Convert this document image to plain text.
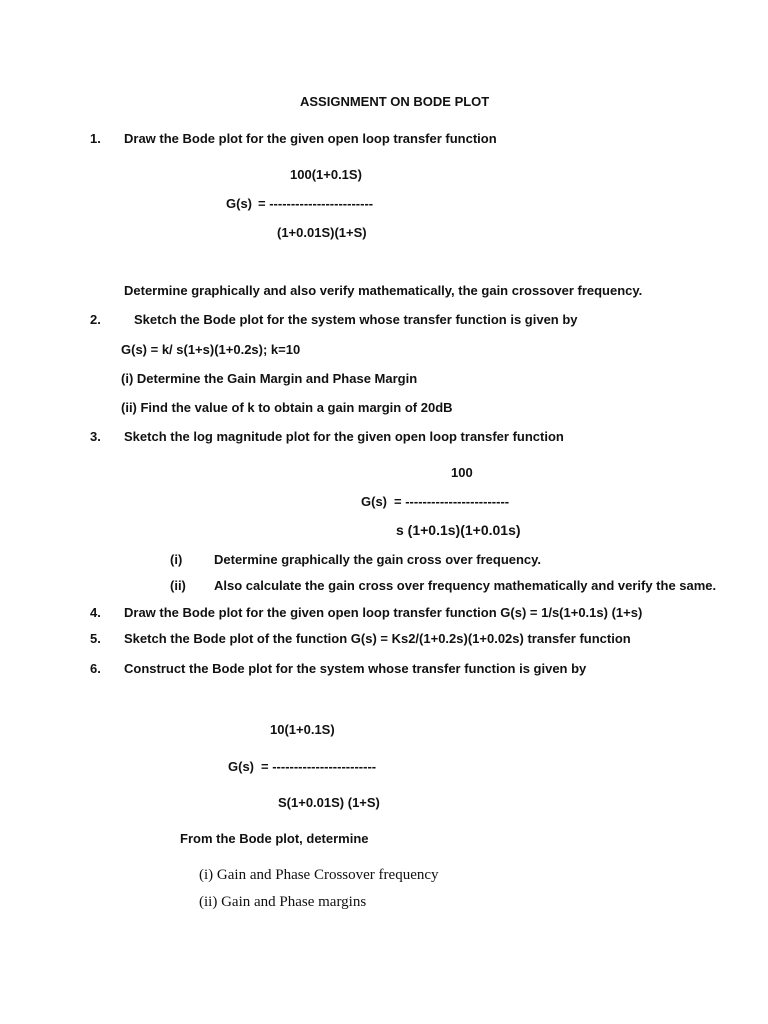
ASSIGNMENT ON BODE PLOT
1. Draw the Bode plot for the given open loop transfer function
100(1+0.1S)
G(s) = ------------------------
(1+0.01S)(1+S)
Determine graphically and also verify mathematically, the gain crossover frequency.
2.	Sketch the Bode plot for the system whose transfer function is given by
G(s) = k/ s(1+s)(1+0.2s); k=10
(i) Determine the Gain Margin and Phase Margin
(ii) Find the value of k to obtain a gain margin of 20dB
3. Sketch the log magnitude plot for the given open loop transfer function
100
G(s) = ------------------------
s (1+0.1s)(1+0.01s)
(i) Determine graphically the gain cross over frequency.
(ii) Also calculate the gain cross over frequency mathematically and verify the same.
4. Draw the Bode plot for the given open loop transfer function G(s) = 1/s(1+0.1s) (1+s)
5. Sketch the Bode plot of the function G(s) = Ks2/(1+0.2s)(1+0.02s) transfer function
6. Construct the Bode plot for the system whose transfer function is given by
10(1+0.1S)
G(s) = ------------------------
S(1+0.01S) (1+S)
From the Bode plot, determine
(i) Gain and Phase Crossover frequency
(ii) Gain and Phase margins
